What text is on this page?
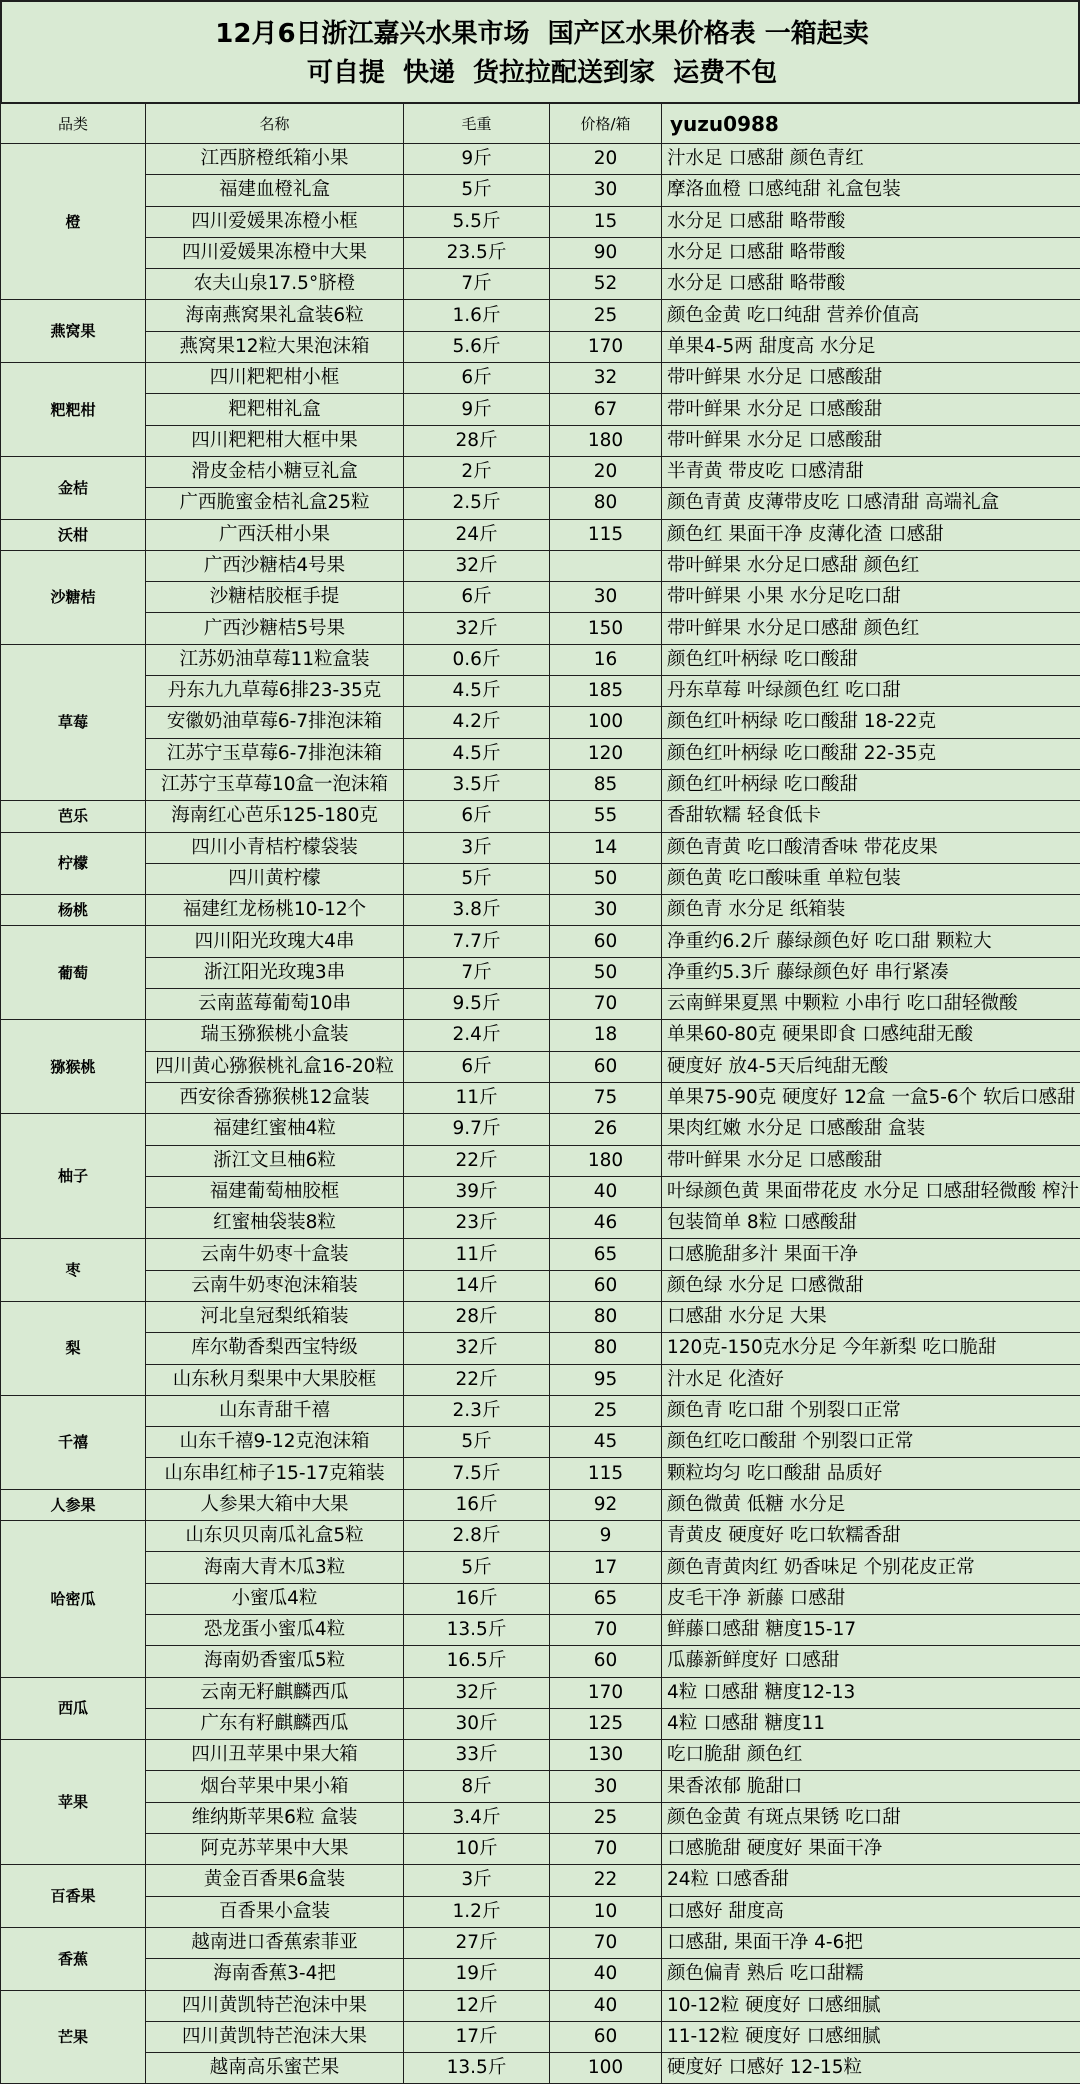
12月6日浙江嘉兴水果市场  国产区水果价格表 一箱起卖
可自提  快递  货拉拉配送到家  运费不包
品类	名称	毛重	价格/箱	yuzu0988
橙	江西脐橙纸箱小果	9斤	20	汁水足 口感甜 颜色青红
	福建血橙礼盒	5斤	30	摩洛血橙 口感纯甜 礼盒包装
	四川爱媛果冻橙小框	5.5斤	15	水分足 口感甜 略带酸
	四川爱媛果冻橙中大果	23.5斤	90	水分足 口感甜 略带酸
	农夫山泉17.5°脐橙	7斤	52	水分足 口感甜 略带酸
燕窝果	海南燕窝果礼盒装6粒	1.6斤	25	颜色金黄 吃口纯甜 营养价值高
	燕窝果12粒大果泡沫箱	5.6斤	170	单果4-5两 甜度高 水分足
粑粑柑	四川粑粑柑小框	6斤	32	带叶鲜果 水分足 口感酸甜
	粑粑柑礼盒	9斤	67	带叶鲜果 水分足 口感酸甜
	四川粑粑柑大框中果	28斤	180	带叶鲜果 水分足 口感酸甜
金桔	滑皮金桔小糖豆礼盒	2斤	20	半青黄 带皮吃 口感清甜
	广西脆蜜金桔礼盒25粒	2.5斤	80	颜色青黄 皮薄带皮吃 口感清甜 高端礼盒
沃柑	广西沃柑小果	24斤	115	颜色红 果面干净 皮薄化渣 口感甜
沙糖桔	广西沙糖桔4号果	32斤		带叶鲜果 水分足口感甜 颜色红
	沙糖桔胶框手提	6斤	30	带叶鲜果 小果 水分足吃口甜
	广西沙糖桔5号果	32斤	150	带叶鲜果 水分足口感甜 颜色红
草莓	江苏奶油草莓11粒盒装	0.6斤	16	颜色红叶柄绿 吃口酸甜
	丹东九九草莓6排23-35克	4.5斤	185	丹东草莓 叶绿颜色红 吃口甜
	安徽奶油草莓6-7排泡沫箱	4.2斤	100	颜色红叶柄绿 吃口酸甜 18-22克
	江苏宁玉草莓6-7排泡沫箱	4.5斤	120	颜色红叶柄绿 吃口酸甜 22-35克
	江苏宁玉草莓10盒一泡沫箱	3.5斤	85	颜色红叶柄绿 吃口酸甜
芭乐	海南红心芭乐125-180克	6斤	55	香甜软糯 轻食低卡
柠檬	四川小青桔柠檬袋装	3斤	14	颜色青黄 吃口酸清香味 带花皮果
	四川黄柠檬	5斤	50	颜色黄 吃口酸味重 单粒包装
杨桃	福建红龙杨桃10-12个	3.8斤	30	颜色青 水分足 纸箱装
葡萄	四川阳光玫瑰大4串	7.7斤	60	净重约6.2斤 藤绿颜色好 吃口甜 颗粒大
	浙江阳光玫瑰3串	7斤	50	净重约5.3斤 藤绿颜色好 串行紧凑
	云南蓝莓葡萄10串	9.5斤	70	云南鲜果夏黑 中颗粒 小串行 吃口甜轻微酸
猕猴桃	瑞玉猕猴桃小盒装	2.4斤	18	单果60-80克 硬果即食 口感纯甜无酸
	四川黄心猕猴桃礼盒16-20粒	6斤	60	硬度好 放4-5天后纯甜无酸
	西安徐香猕猴桃12盒装	11斤	75	单果75-90克 硬度好 12盒 一盒5-6个 软后口感甜
柚子	福建红蜜柚4粒	9.7斤	26	果肉红嫩 水分足 口感酸甜 盒装
	浙江文旦柚6粒	22斤	180	带叶鲜果 水分足 口感酸甜
	福建葡萄柚胶框	39斤	40	叶绿颜色黄 果面带花皮 水分足 口感甜轻微酸 榨汁
	红蜜柚袋装8粒	23斤	46	包装简单 8粒 口感酸甜
枣	云南牛奶枣十盒装	11斤	65	口感脆甜多汁 果面干净
	云南牛奶枣泡沫箱装	14斤	60	颜色绿 水分足 口感微甜
梨	河北皇冠梨纸箱装	28斤	80	口感甜 水分足 大果
	库尔勒香梨西宝特级	32斤	80	120克-150克水分足 今年新梨 吃口脆甜
	山东秋月梨果中大果胶框	22斤	95	汁水足 化渣好
千禧	山东青甜千禧	2.3斤	25	颜色青 吃口甜 个别裂口正常
	山东千禧9-12克泡沫箱	5斤	45	颜色红吃口酸甜 个别裂口正常
	山东串红柿子15-17克箱装	7.5斤	115	颗粒均匀 吃口酸甜 品质好
人参果	人参果大箱中大果	16斤	92	颜色微黄 低糖 水分足
哈密瓜	山东贝贝南瓜礼盒5粒	2.8斤	9	青黄皮 硬度好 吃口软糯香甜
	海南大青木瓜3粒	5斤	17	颜色青黄肉红 奶香味足 个别花皮正常
	小蜜瓜4粒	16斤	65	皮毛干净 新藤 口感甜
	恐龙蛋小蜜瓜4粒	13.5斤	70	鲜藤口感甜 糖度15-17
	海南奶香蜜瓜5粒	16.5斤	60	瓜藤新鲜度好 口感甜
西瓜	云南无籽麒麟西瓜	32斤	170	4粒 口感甜 糖度12-13
	广东有籽麒麟西瓜	30斤	125	4粒 口感甜 糖度11
苹果	四川丑苹果中果大箱	33斤	130	吃口脆甜 颜色红
	烟台苹果中果小箱	8斤	30	果香浓郁 脆甜口
	维纳斯苹果6粒 盒装	3.4斤	25	颜色金黄 有斑点果锈 吃口甜
	阿克苏苹果中大果	10斤	70	口感脆甜 硬度好 果面干净
百香果	黄金百香果6盒装	3斤	22	24粒 口感香甜
	百香果小盒装	1.2斤	10	口感好 甜度高
香蕉	越南进口香蕉索菲亚	27斤	70	口感甜, 果面干净 4-6把
	海南香蕉3-4把	19斤	40	颜色偏青 熟后 吃口甜糯
芒果	四川黄凯特芒泡沫中果	12斤	40	10-12粒 硬度好 口感细腻
	四川黄凯特芒泡沫大果	17斤	60	11-12粒 硬度好 口感细腻
	越南高乐蜜芒果	13.5斤	100	硬度好 口感好 12-15粒
